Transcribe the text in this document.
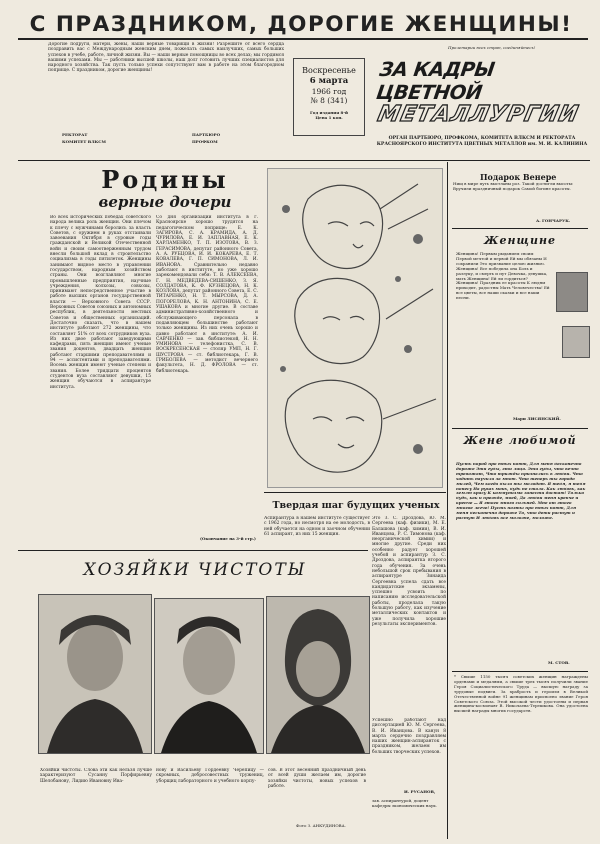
С ПРАЗДНИКОМ, ДОРОГИЕ ЖЕНЩИНЫ!
Дорогие подруги, матери, жены, наши верные товарищи в жизни! Разрешите от всего сердца поздравить вас с Международным женским днем, пожелать самых наилучших, самых больших успехов в учебе, работе, личной жизни. Вы — наши верные помощницы во всех делах; мы гордимся вашими успехами. Мы — работники высшей школы, наш долг готовить лучших специалистов для народного хозяйства. Так пусть только успехи сопутствуют вам в работе на этом благородном поприще. С праздником, дорогие женщины!
РЕКТОРАТ	ПАРТБЮРО
КОМИТЕТ ВЛКСМ	ПРОФКОМ
Воскресенье
6 марта
1966 год
№ 8 (341)
Год издания 8-й
Цена 1 коп.
Пролетарии всех стран, соединяйтесь!
ЗА КАДРЫ ЦВЕТНОЙ
МЕТАЛЛУРГИИ
ОРГАН ПАРТБЮРО, ПРОФКОМА, КОМИТЕТА ВЛКСМ И РЕКТОРАТА КРАСНОЯРСКОГО ИНСТИТУТА ЦВЕТНЫХ МЕТАЛЛОВ им. М. И. КАЛИНИНА
Родины
верные дочери
Во всех исторических победах советского народа велика роль женщин. Они плечом к плечу с мужчинами боролись за власть Советов, с оружием в руках отстаивали завоевания Октября в суровые годы гражданской и Великой Отечественной войн и своим самоотверженным трудом внесли большой вклад в строительство социализма в годы пятилеток. Женщины занимают видное место в управлении государством, народным хозяйством страны. Они возглавляют многие промышленные предприятия, научные учреждения, колхозы, совхозы, принимают непосредственное участие в работе высших органов государственной власти — Верховного Совета СССР. Верховных Советов союзных и автономных республик, в деятельности местных Советов и общественных организаций. Достаточно сказать, что в нашем институте работают 272 женщины, что составляет 51% от всех сотрудников вуза. Из них двое работают заведующими кафедрами, пять женщин имеют ученые звания доцентов, двадцать женщин работают старшими преподавателями и 94 — ассистентами и преподавателями. Восемь женщин имеют ученые степени и звания. Более тридцати процентов студентов вуза составляют девушки, 15 женщин обучаются в аспирантуре института.
Со дня организации института в г. Красноярске хорошо трудятся на педагогическом поприще: Е. К. ЗАГИРОВА, С. А. КРАМИДА, А. Д. ЧУРИЛОВА, Е. И. ЗАПЛАВНАЯ, Е. К. ХАРЛАМЕНКО, Т. П. ИЗОТОВА, В. З. ГЕРАСИМОВА, депутат районного Совета, А. А. РУБЦОВА, И. И. КОКАРЕВА, Е. Т. КОВАЛЕВА, Г. П. СИМОНОВА, Л. И. ИВАНОВА. Сравнительно недавно работают в институте, но уже хорошо зарекомендовали себя: Т. В. АЛЕКСЕЕВА, Г. Н. МЕДВЕДЕВА-СИШЕНКО, З. Я. СОЛДАТОВА, К. Ф. КУЗНЕЦОВА, Н. К. КОЗЛОВА, депутат районного Совета, Е. С. ТИТАРЕНКО, Н. Т. МЫРСОВА, Д. А. ПОГОРЕЛОВА, К. Н. АНТОНИНА, С. Е. УШАКОВА и многие другие. В составе административно-хозяйственного и обслуживающего персонала в подавляющем большинстве работают только женщины. Из них очень хорошо и давно работают в институте: А. И. САВЧЕНКО — зав. библиотекой, Н. Н. УМИНОВА — телефонистка, С. В. ВОСКРЕСЕНСКАЯ — столяр УМП, Н. Г. ШУСТРОВА — ст. библиотекарь, Г. В. ГРИБОЛЕВА — методист вечернего факультета, Н. Д. ФРОЛОВА — ст. библиотекарь.
(Окончание на 3-й стр.)
Подарок Венере
Нищ в мире путь выстланы роз. Такой достигли высоты: Вручили праздничный подарок Самой богине красоты.
А. ГОНЧАРУК.
Женщине
Женщина! Первым рыданием своим Первой мечтой и первой Ей мы обязаны И сохранили Это призвание целою жизнью. Женщина! Все победила она Боль и разлуку, и смерть и пут Девочка, девушка, мать Женщина! Ей ли гордиться? Женщина! Праздник ее красоты К людям приходит, радостны Мать Человечества! Ей все цветы, все наши сказки и все наши песни.
Мари ЛИСЯНСКИЙ.
Жене любимой
Пусть порой про юных поют, Для меня бесконечно дороже Эти губы, эти лицо. Эти губы, что вечно тревожат, Что трижды признались в любви. Что ходить научила за мною. Что теперь ты городо милей, Чем когда была ты молодою. Я тебя, я тебя понесу На руках моих, будь не стала. Как любовь, как землю красу К коммунизма занести дастаю! Только будь, как и прежде, моей, Да любви меня крепче и крепче — Я этого много сильней. Мне от этого многое легче! Пусть поэты про юных поют, Для меня бесконечно дороже То, что дети растут и растут И любовь все моложе, моложе.
М. СТОВ.
* Свыше 1150 тысяч советских женщин награждены орденами и медалями, а свыше трех тысяч получили звание Героя Социалистического Труда — высшую награду за трудовые подвиги. За храбрость и героизм в Великой Отечественной войне 91 женщинам присвоено звание Героя Советского Союза. Этой высокой чести удостоены и первая женщина-космонавт В. Николаева-Терешкова. Она удостоена высшей награды многих государств.
Твердая шаг будущих ученых
Аспирантура в нашем институте существует с 1962 года, но несмотря на ее молодость, в ней обучается на одном и заочном обучении 61 аспирант, из них 15 женщин.
Это З. С. Дроздова, Ю. М. Сергеева (каф. физики), М. Е. Балашова (каф. химии), В. И. Иванцова, Р. С. Тимонова (каф. неорганической химии) и многие другие. Среди них особенно радует хорошей учебой и аспирантур З. С. Дроздова, аспирантка второго года обучения. За очень небольшой срок пребывания в аспирантуре Зинаида Сергеевна успела сдать все кандидатские экзамены, успешно усвоить по написанию исследовательской работы, проделала такую большую работу, как изучение металлических контактов и уже получила хорошие результаты экспериментов.
Успешно работают над диссертацией Ю. М. Сергеева, В. И. Иванцова. В канун 8 марта сердечно поздравляем наших женщин-аспиранток с праздником, желаем им больших творческих успехов.
И. РУСАНОВ,
зав. аспирантурой, доцент кафедры экономических наук.
ХОЗЯЙКИ ЧИСТОТЫ
Хозяйки чистоты. Слова эти как нельзя лучше характеризуют Сусанну Порфирьевну Шелобанову, Лидию Ивановну Ива-
нову и Васильеву Гордеевну Черепицу — скромных, добросовестных тружениц, уборщиц лабораторного и учебного корпу-
сов. В этот весенний праздничный день от всей души желаем им, дорогие хозяйки чистоты, новых успехов в работе.
Фото З. АНКУДИНОВА.
